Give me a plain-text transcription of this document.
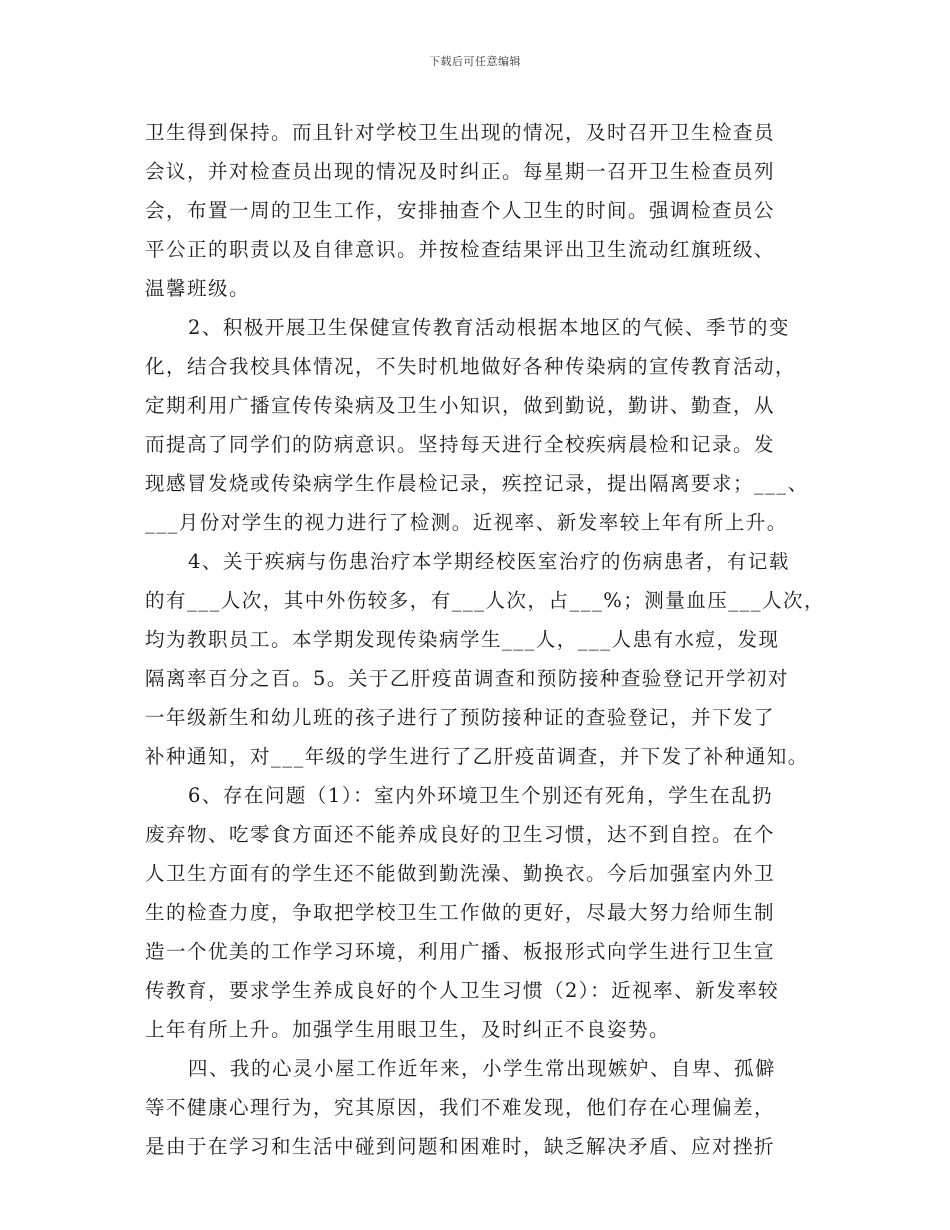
下载后可任意编辑
卫生得到保持。而且针对学校卫生出现的情况，及时召开卫生检查员
会议，并对检查员出现的情况及时纠正。每星期一召开卫生检查员列
会，布置一周的卫生工作，安排抽查个人卫生的时间。强调检查员公
平公正的职责以及自律意识。并按检查结果评出卫生流动红旗班级、
温馨班级。
2、积极开展卫生保健宣传教育活动根据本地区的气候、季节的变
化，结合我校具体情况，不失时机地做好各种传染病的宣传教育活动，
定期利用广播宣传传染病及卫生小知识，做到勤说，勤讲、勤查，从
而提高了同学们的防病意识。坚持每天进行全校疾病晨检和记录。发
现感冒发烧或传染病学生作晨检记录，疾控记录，提出隔离要求；___、
___月份对学生的视力进行了检测。近视率、新发率较上年有所上升。
4、关于疾病与伤患治疗本学期经校医室治疗的伤病患者，有记载
的有___人次，其中外伤较多，有___人次，占___%；测量血压___人次，
均为教职员工。本学期发现传染病学生___人，___人患有水痘，发现
隔离率百分之百。5。关于乙肝疫苗调查和预防接种查验登记开学初对
一年级新生和幼儿班的孩子进行了预防接种证的查验登记，并下发了
补种通知，对___年级的学生进行了乙肝疫苗调查，并下发了补种通知。
6、存在问题（1）：室内外环境卫生个别还有死角，学生在乱扔
废弃物、吃零食方面还不能养成良好的卫生习惯，达不到自控。在个
人卫生方面有的学生还不能做到勤洗澡、勤换衣。今后加强室内外卫
生的检查力度，争取把学校卫生工作做的更好，尽最大努力给师生制
造一个优美的工作学习环境，利用广播、板报形式向学生进行卫生宣
传教育，要求学生养成良好的个人卫生习惯（2）：近视率、新发率较
上年有所上升。加强学生用眼卫生，及时纠正不良姿势。
四、我的心灵小屋工作近年来，小学生常出现嫉妒、自卑、孤僻
等不健康心理行为，究其原因，我们不难发现，他们存在心理偏差，
是由于在学习和生活中碰到问题和困难时，缺乏解决矛盾、应对挫折
